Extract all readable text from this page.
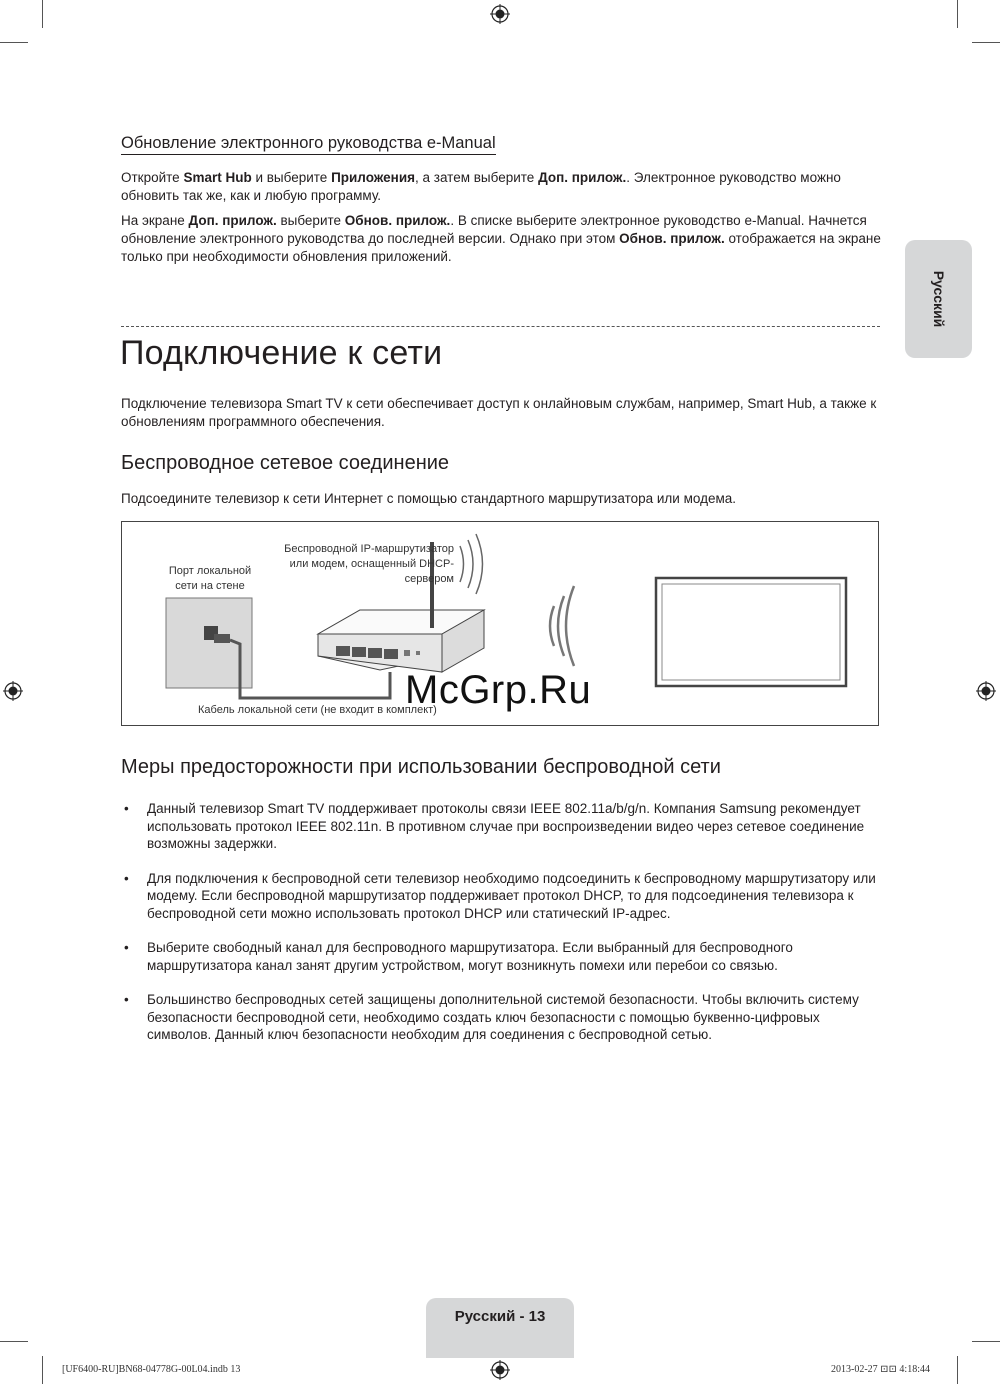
Обновление электронного руководства e-Manual
Откройте Smart Hub и выберите Приложения, а затем выберите Доп. прилож.. Электронное руководство можно обновить так же, как и любую программу.
На экране Доп. прилож. выберите Обнов. прилож.. В списке выберите электронное руководство e-Manual. Начнется обновление электронного руководства до последней версии. Однако при этом Обнов. прилож. отображается на экране только при необходимости обновления приложений.
Русский
Подключение к сети
Подключение телевизора Smart TV к сети обеспечивает доступ к онлайновым службам, например, Smart Hub, а также к обновлениям программного обеспечения.
Беспроводное сетевое соединение
Подсоедините телевизор к сети Интернет с помощью стандартного маршрутизатора или модема.
Порт локальной
сети на стене
Беспроводной IP-маршрутизатор
или модем, оснащенный DHCP-
сервером
Кабель локальной сети (не входит в комплект)
McGrp.Ru
Меры предосторожности при использовании беспроводной сети
• Данный телевизор Smart TV поддерживает протоколы связи IEEE 802.11a/b/g/n. Компания Samsung рекомендует использовать протокол IEEE 802.11n. В противном случае при воспроизведении видео через сетевое соединение возможны задержки.
• Для подключения к беспроводной сети телевизор необходимо подсоединить к беспроводному маршрутизатору или модему. Если беспроводной маршрутизатор поддерживает протокол DHCP, то для подсоединения телевизора к беспроводной сети можно использовать протокол DHCP или статический IP-адрес.
• Выберите свободный канал для беспроводного маршрутизатора. Если выбранный для беспроводного маршрутизатора канал занят другим устройством, могут возникнуть помехи или перебои со связью.
• Большинство беспроводных сетей защищены дополнительной системой безопасности. Чтобы включить систему безопасности беспроводной сети, необходимо создать ключ безопасности с помощью буквенно-цифровых символов. Данный ключ безопасности необходим для соединения с беспроводной сетью.
Русский - 13
[UF6400-RU]BN68-04778G-00L04.indb 13	2013-02-27 ⊡⊡ 4:18:44
